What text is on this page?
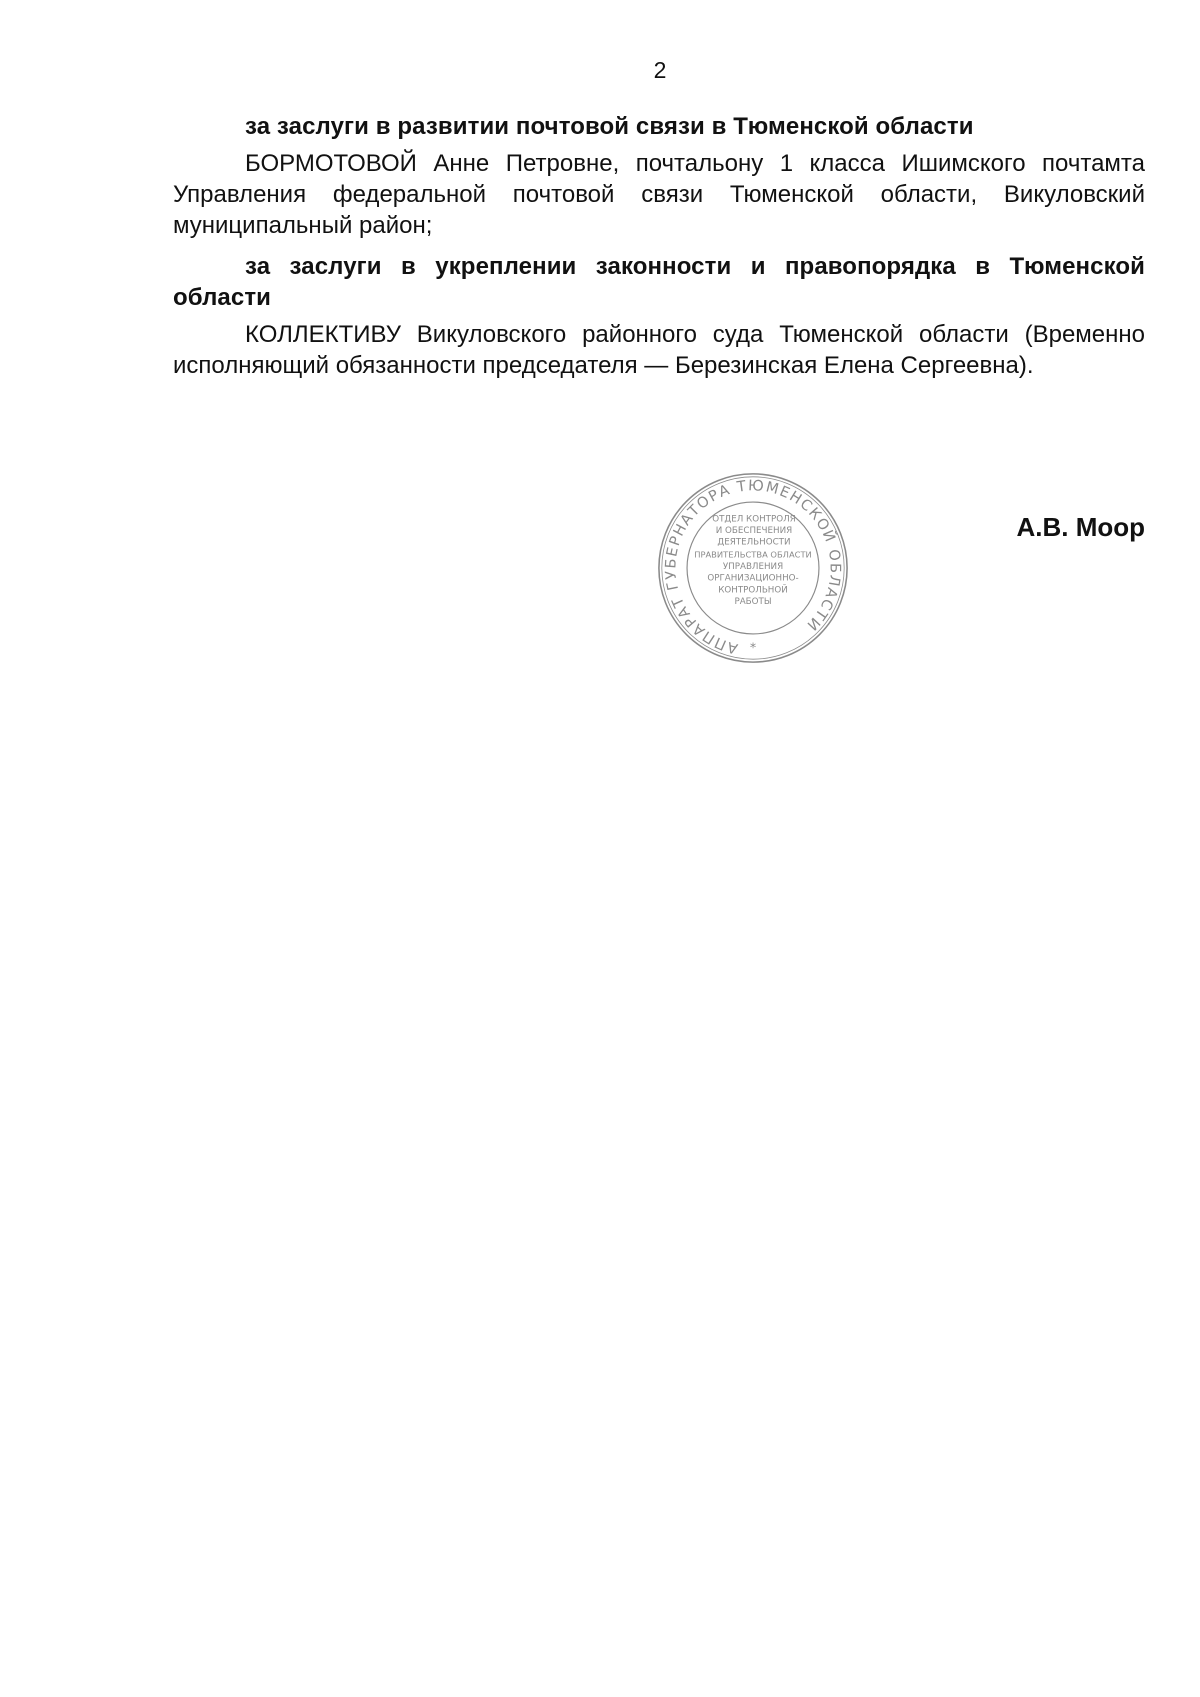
2

за заслуги в развитии почтовой связи в Тюменской области

БОРМОТОВОЙ Анне Петровне, почтальону 1 класса Ишимского почтамта Управления федеральной почтовой связи Тюменской области, Викуловский муниципальный район;

за заслуги в укреплении законности и правопорядка в Тюменской области

КОЛЛЕКТИВУ Викуловского районного суда Тюменской области (Временно исполняющий обязанности председателя — Березинская Елена Сергеевна).

АППАРАТ ГУБЕРНАТОРА ТЮМЕНСКОЙ ОБЛАСТИ
*
ОТДЕЛ КОНТРОЛЯ
И ОБЕСПЕЧЕНИЯ
ДЕЯТЕЛЬНОСТИ
ПРАВИТЕЛЬСТВА ОБЛАСТИ
УПРАВЛЕНИЯ
ОРГАНИЗАЦИОННО-
КОНТРОЛЬНОЙ
РАБОТЫ
А.В. Моор
